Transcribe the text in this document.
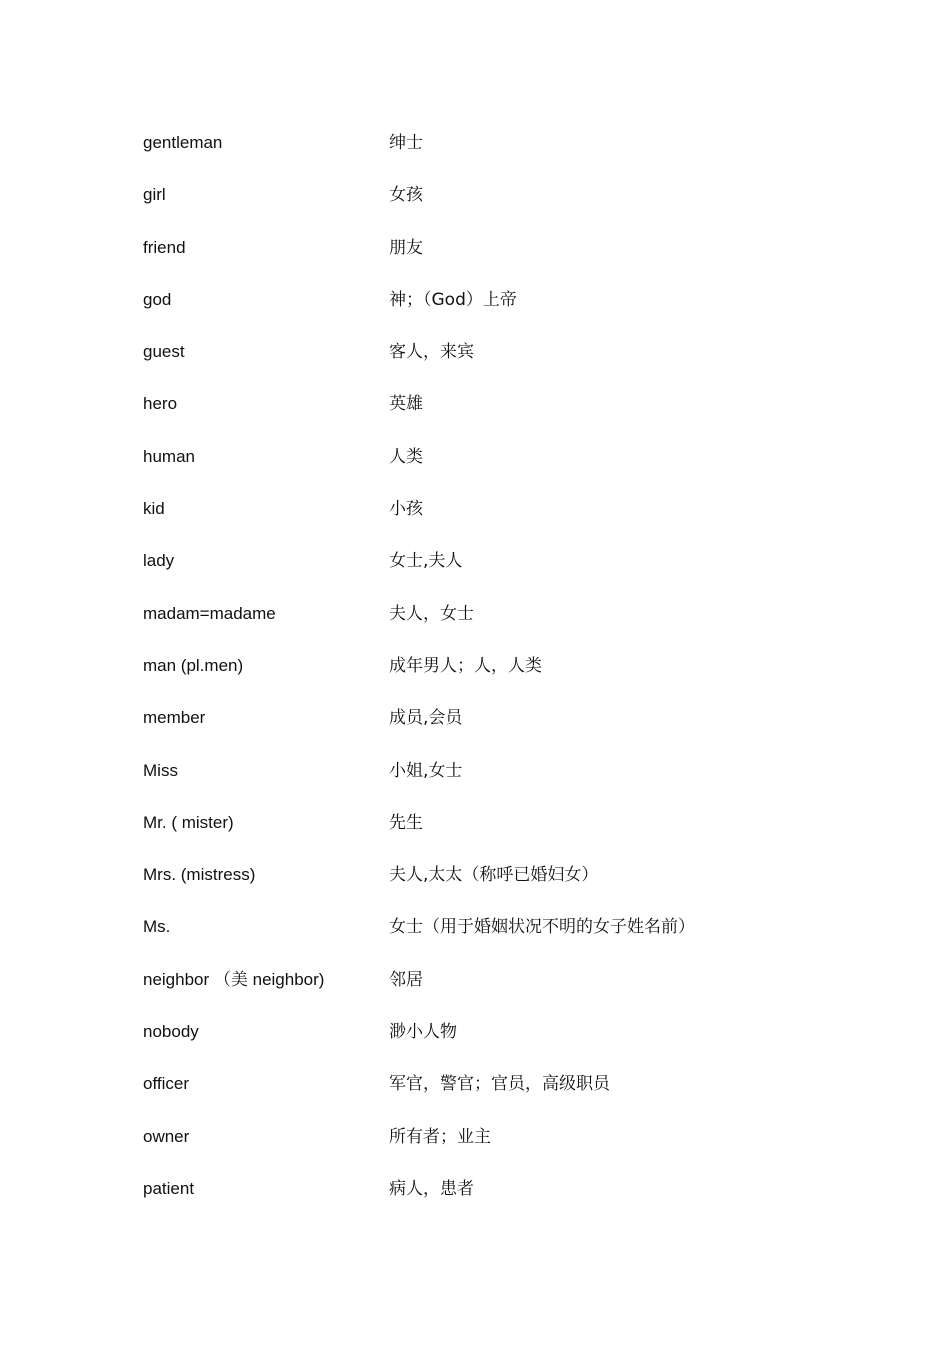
gentleman	绅士
girl	女孩
friend	朋友
god	神；（God）上帝
guest	客人，来宾
hero	英雄
human	人类
kid	小孩
lady	女士,夫人
madam=madame	夫人，女士
man (pl.men)	成年男人；人，人类
member	成员,会员
Miss	小姐,女士
Mr. ( mister)	先生
Mrs. (mistress)	夫人,太太（称呼已婚妇女）
Ms.	女士（用于婚姻状况不明的女子姓名前）
neighbor （美 neighbor)	邻居
nobody	渺小人物
officer	军官，警官；官员，高级职员
owner	所有者；业主
patient	病人，患者
